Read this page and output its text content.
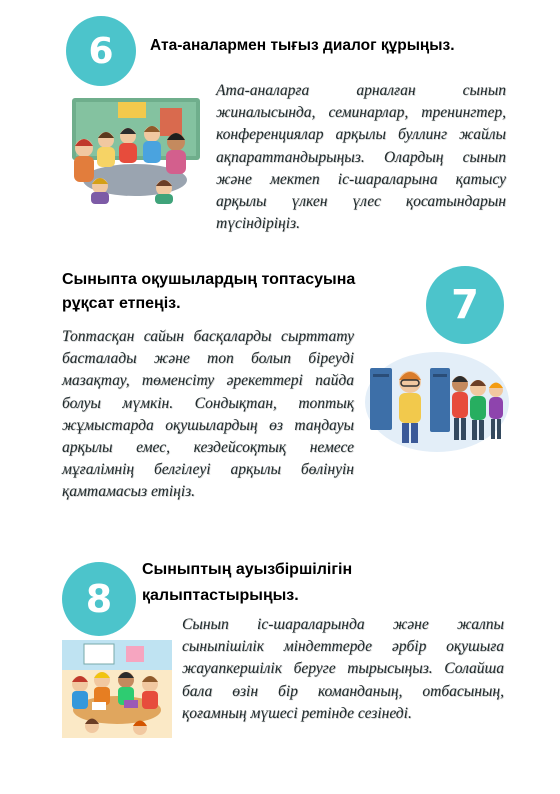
6	Ата-аналармен тығыз диалог құрыңыз.
Ата-аналарға арналған сынып жиналысында, семинарлар, тренингтер, конференциялар арқылы буллинг жайлы ақпараттандырыңыз. Олардың сынып және мектеп іс-шараларына қатысу арқылы үлкен үлес қосатындарын түсіндіріңіз.
Сыныпта оқушылардың топтасуына
рұқсат етпеңіз.	7
Топтасқан сайын басқаларды сырттату басталады және топ болып біреуді мазақтау, төменсіту әрекеттері пайда болуы мүмкін. Сондықтан, топтық жұмыстарда оқушылардың өз таңдауы арқылы емес, кездейсоқтық немесе мұғалімнің белгілеуі арқылы бөлінуін қамтамасыз етіңіз.
8
Сыныптың ауызбіршілігін
қалыптастырыңыз.
Сынып іс-шараларында және жалпы сыныпішілік міндеттерде әрбір оқушыға жауапкершілік беруге тырысыңыз. Солайша бала өзін бір команданың, отбасының, қоғамның мүшесі ретінде сезінеді.
